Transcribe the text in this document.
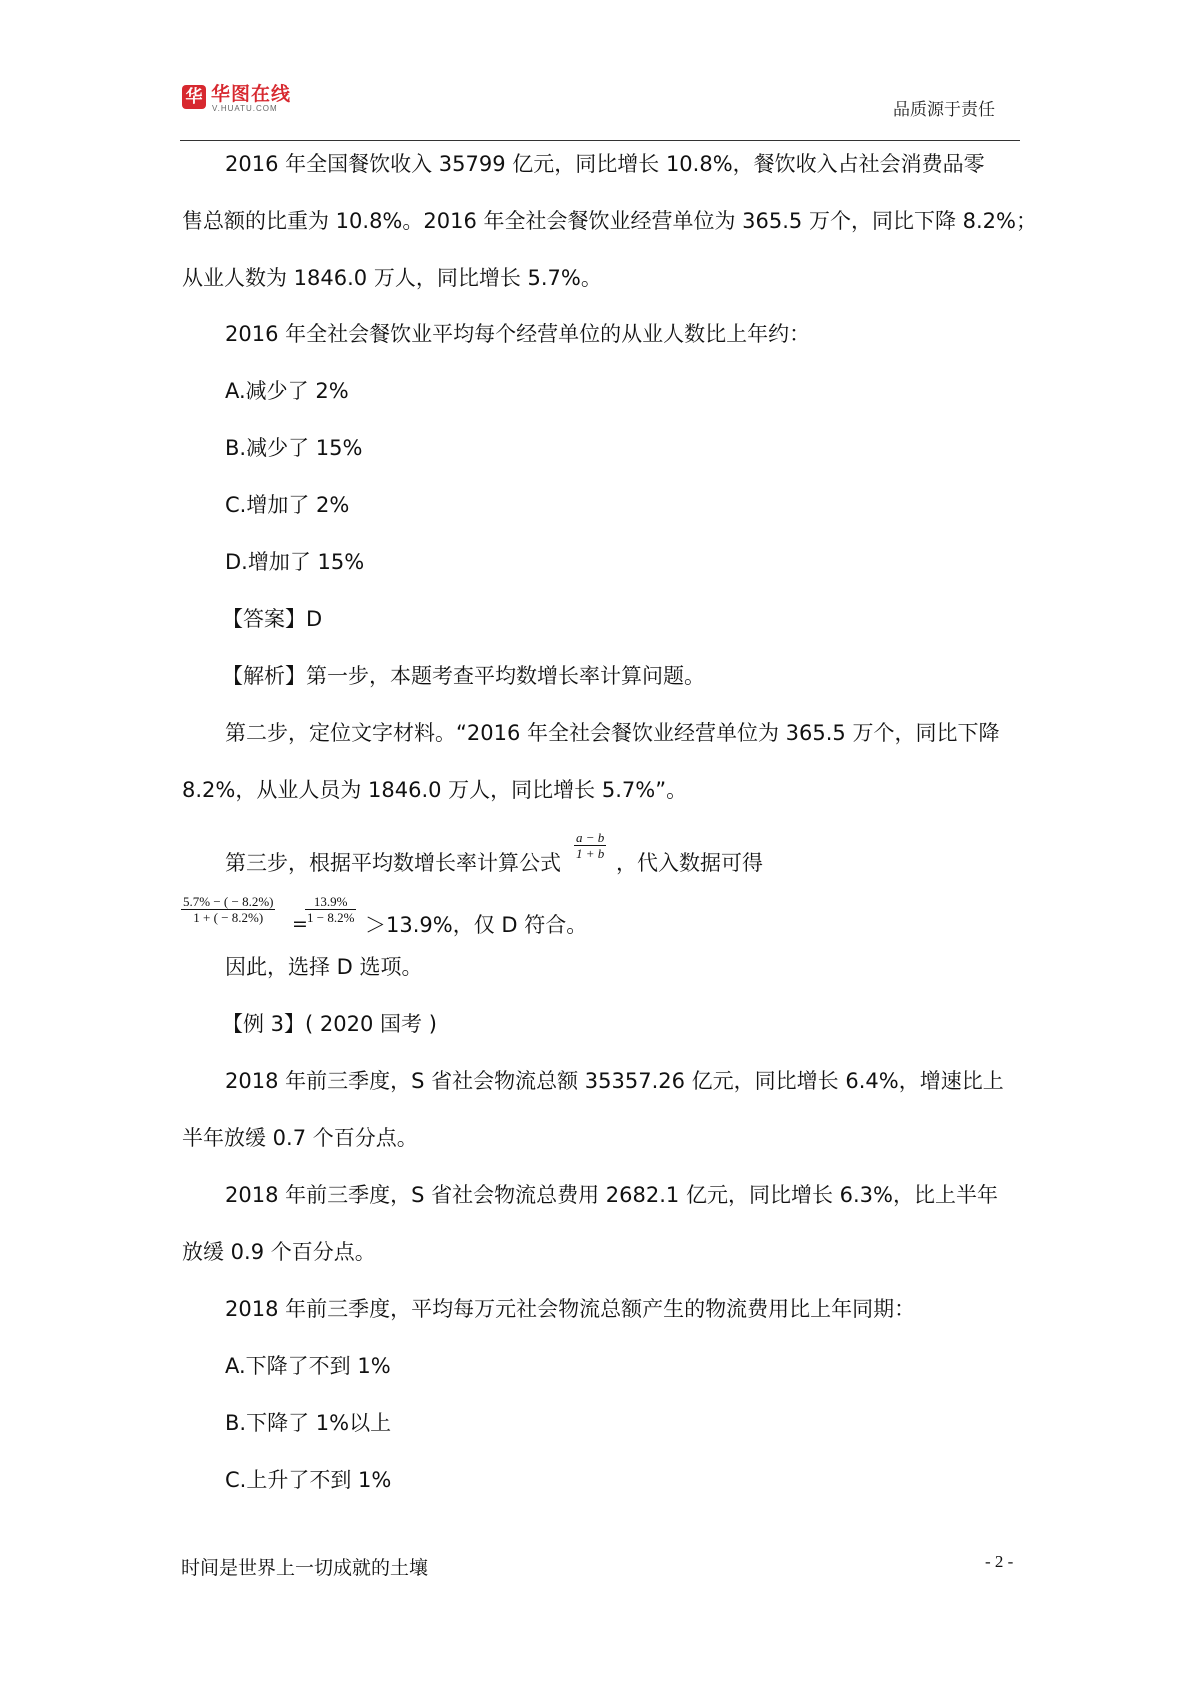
华 华图在线
V.HUATU.COM	品质源于责任
2016 年全国餐饮收入 35799 亿元，同比增长 10.8%，餐饮收入占社会消费品零
售总额的比重为 10.8%。2016 年全社会餐饮业经营单位为 365.5 万个，同比下降 8.2%；
从业人数为 1846.0 万人，同比增长 5.7%。
2016 年全社会餐饮业平均每个经营单位的从业人数比上年约：
A.减少了 2%
B.减少了 15%
C.增加了 2%
D.增加了 15%
【答案】D
【解析】第一步，本题考查平均数增长率计算问题。
第二步，定位文字材料。“2016 年全社会餐饮业经营单位为 365.5 万个，同比下降
8.2%，从业人员为 1846.0 万人，同比增长 5.7%”。
第三步，根据平均数增长率计算公式
$\frac{a - b}{1 + b}$
，代入数据可得
$\frac{5.7\% - ( - 8.2\%)}{1 + ( - 8.2\%)}$ =
$\frac{13.9\%}{1 - 8.2\%} >13.9\%$，仅 D 符合。
因此，选择 D 选项。
【例 3】( 2020 国考 )
2018 年前三季度，S 省社会物流总额 35357.26 亿元，同比增长 6.4%，增速比上
半年放缓 0.7 个百分点。
2018 年前三季度，S 省社会物流总费用 2682.1 亿元，同比增长 6.3%，比上半年
放缓 0.9 个百分点。
2018 年前三季度，平均每万元社会物流总额产生的物流费用比上年同期：
A.下降了不到 1%
B.下降了 1%以上
C.上升了不到 1%
时间是世界上一切成就的土壤	- 2 -
